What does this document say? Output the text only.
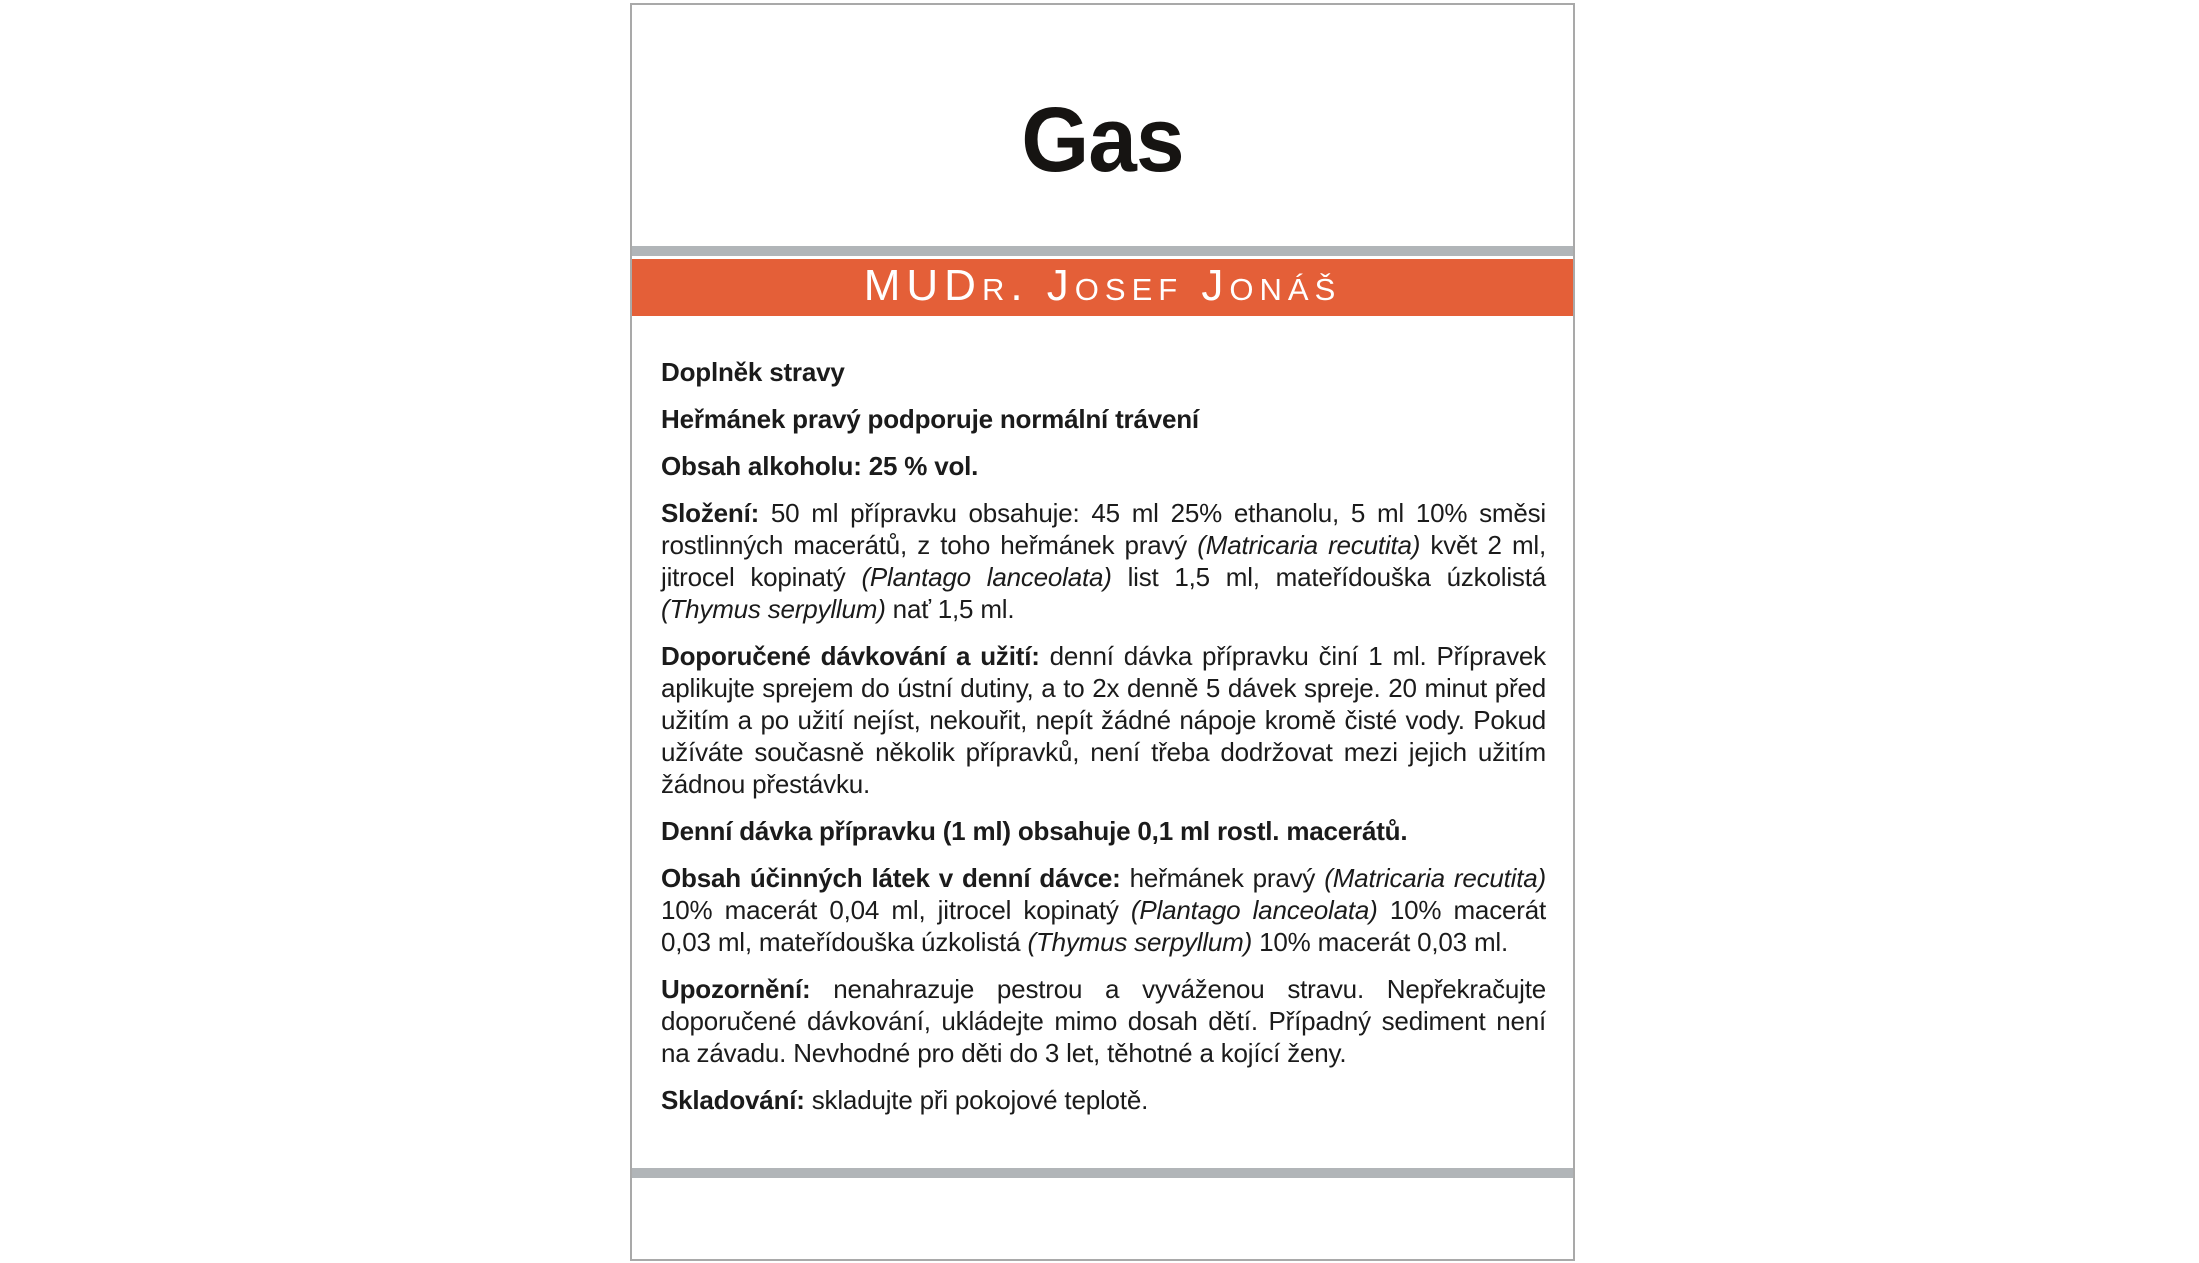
Gas
MUDr. Josef Jonáš

Doplněk stravy

Heřmánek pravý podporuje normální trávení

Obsah alkoholu: 25 % vol.

Složení: 50 ml přípravku obsahuje: 45 ml 25% ethanolu, 5 ml 10% směsi rostlinných macerátů, z toho heřmánek pravý (Matricaria recutita) květ 2 ml, jitrocel kopinatý (Plantago lanceolata) list 1,5 ml, mateřídouška úzkolistá (Thymus serpyllum) nať 1,5 ml.

Doporučené dávkování a užití: denní dávka přípravku činí 1 ml. Přípravek aplikujte sprejem do ústní dutiny, a to 2x denně 5 dávek spreje. 20 minut před užitím a po užití nejíst, nekouřit, nepít žádné nápoje kromě čisté vody. Pokud užíváte současně několik přípravků, není třeba dodržovat mezi jejich užitím žádnou přestávku.

Denní dávka přípravku (1 ml) obsahuje 0,1 ml rostl. macerátů.

Obsah účinných látek v denní dávce: heřmánek pravý (Matricaria recutita) 10% macerát 0,04 ml, jitrocel kopinatý (Plantago lanceolata) 10% macerát 0,03 ml, mateřídouška úzkolistá (Thymus serpyllum) 10% macerát 0,03 ml.

Upozornění: nenahrazuje pestrou a vyváženou stravu. Nepřekračujte doporučené dávkování, ukládejte mimo dosah dětí. Případný sediment není na závadu. Nevhodné pro děti do 3 let, těhotné a kojící ženy.

Skladování: skladujte při pokojové teplotě.
